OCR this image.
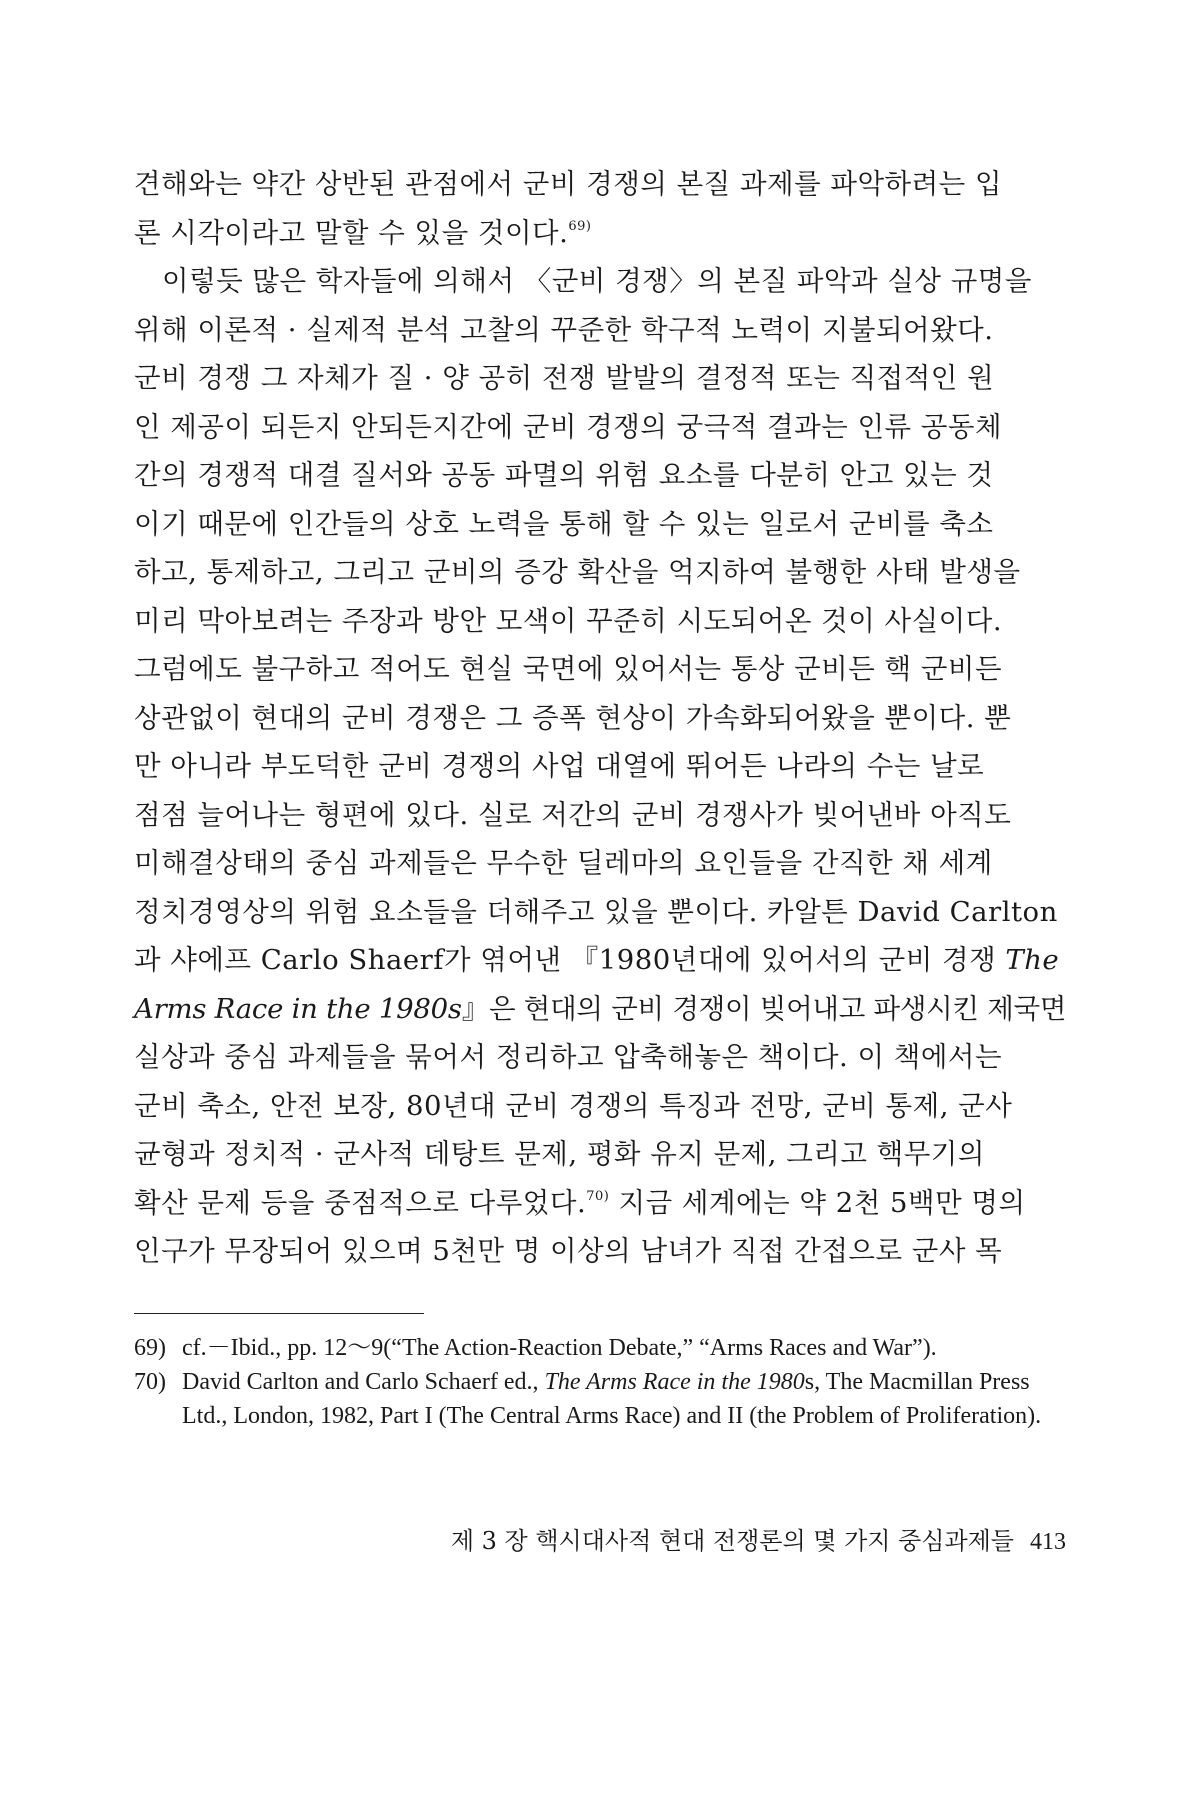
견해와는 약간 상반된 관점에서 군비 경쟁의 본질 과제를 파악하려는 입
론 시각이라고 말할 수 있을 것이다.$^{69)}$
이렇듯 많은 학자들에 의해서 〈군비 경쟁〉의 본질 파악과 실상 규명을
위해 이론적 · 실제적 분석 고찰의 꾸준한 학구적 노력이 지불되어왔다.
군비 경쟁 그 자체가 질 · 양 공히 전쟁 발발의 결정적 또는 직접적인 원
인 제공이 되든지 안되든지간에 군비 경쟁의 궁극적 결과는 인류 공동체
간의 경쟁적 대결 질서와 공동 파멸의 위험 요소를 다분히 안고 있는 것
이기 때문에 인간들의 상호 노력을 통해 할 수 있는 일로서 군비를 축소
하고, 통제하고, 그리고 군비의 증강 확산을 억지하여 불행한 사태 발생을
미리 막아보려는 주장과 방안 모색이 꾸준히 시도되어온 것이 사실이다.
그럼에도 불구하고 적어도 현실 국면에 있어서는 통상 군비든 핵 군비든
상관없이 현대의 군비 경쟁은 그 증폭 현상이 가속화되어왔을 뿐이다. 뿐
만 아니라 부도덕한 군비 경쟁의 사업 대열에 뛰어든 나라의 수는 날로
점점 늘어나는 형편에 있다. 실로 저간의 군비 경쟁사가 빚어낸바 아직도
미해결상태의 중심 과제들은 무수한 딜레마의 요인들을 간직한 채 세계
정치경영상의 위험 요소들을 더해주고 있을 뿐이다. 카알튼 David Carlton
과 샤에프 Carlo Shaerf가 엮어낸 『1980년대에 있어서의 군비 경쟁 The
Arms Race in the 1980s』은 현대의 군비 경쟁이 빚어내고 파생시킨 제국면
실상과 중심 과제들을 묶어서 정리하고 압축해놓은 책이다. 이 책에서는
군비 축소, 안전 보장, 80년대 군비 경쟁의 특징과 전망, 군비 통제, 군사
균형과 정치적 · 군사적 데탕트 문제, 평화 유지 문제, 그리고 핵무기의
확산 문제 등을 중점적으로 다루었다.$^{70)}$ 지금 세계에는 약 2천 5백만 명의
인구가 무장되어 있으며 5천만 명 이상의 남녀가 직접 간접으로 군사 목
69) cf.－Ibid., pp. 12～9(“The Action-Reaction Debate,” “Arms Races and War”).
70) David Carlton and Carlo Schaerf ed., The Arms Race in the 1980s, The Macmillan Press Ltd., London, 1982, Part I (The Central Arms Race) and II (the Problem of Proliferation).
제 3 장 핵시대사적 현대 전쟁론의 몇 가지 중심과제들 413
